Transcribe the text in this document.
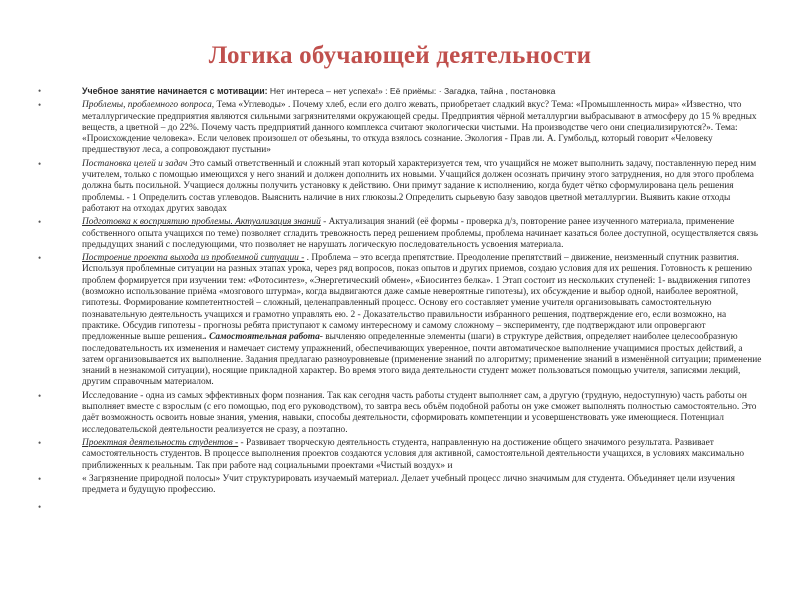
Логика обучающей деятельности
•	Учебное занятие начинается с мотивации: Нет интереса – нет успеха!» : Её приёмы: · Загадка, тайна , постановка
•	Проблемы, проблемного вопроса, Тема «Углеводы» . Почему хлеб, если его долго жевать, приобретает сладкий вкус? Тема: «Промышленность мира» «Известно, что металлургические предприятия являются сильными загрязнителями окружающей среды. Предприятия чёрной металлургии выбрасывают в атмосферу до 15 % вредных веществ, а цветной – до 22%. Почему часть предприятий данного комплекса считают экологически чистыми. На производстве чего они специализируются?». Тема: «Происхождение человека». Если человек произошел от обезьяны, то откуда взялось сознание. Экология - Прав ли. А. Гумбольд, который говорит «Человеку предшествуют леса, а сопровождают пустыни»
•	Постановка целей и задач Это самый ответственный и сложный этап который характеризуется тем, что учащийся не может выполнить задачу, поставленную перед ним учителем, только с помощью имеющихся у него знаний и должен дополнить их новыми. Учащийся должен осознать причину этого затруднения, но для этого проблема должна быть посильной. Учащиеся должны получить установку к действию. Они примут задание к исполнению, когда будет чётко сформулирована цель решения проблемы. - 1 Определить состав углеводов. Выяснить наличие в них глюкозы.2 Определить сырьевую базу заводов цветной металлургии. Выявить какие отходы работают на отходах других заводах
•	Подготовка к восприятию проблемы. Актуализация знаний - Актуализация знаний (её формы - проверка д/з, повторение ранее изученного материала, применение собственного опыта учащихся по теме) позволяет сгладить тревожность перед решением проблемы, проблема начинает казаться более доступной, осуществляется связь предыдущих знаний с последующими, что позволяет не нарушать логическую последовательность усвоения материала.
•	Построение проекта выхода из проблемной ситуации - . Проблема – это всегда препятствие. Преодоление препятствий – движение, неизменный спутник развития. Используя проблемные ситуации на разных этапах урока, через ряд вопросов, показ опытов и других приемов, создаю условия для их решения. Готовность к решению проблем формируется при изучении тем: «Фотосинтез», «Энергетический обмен», «Биосинтез белка». 1 Этап состоит из нескольких ступеней: 1- выдвижения гипотез (возможно использование приёма «мозгового штурма», когда выдвигаются даже самые невероятные гипотезы), их обсуждение и выбор одной, наиболее вероятной, гипотезы. Формирование компетентностей – сложный, целенаправленный процесс. Основу его составляет умение учителя организовывать самостоятельную познавательную деятельность учащихся и грамотно управлять ею. 2 - Доказательство правильности избранного решения, подтверждение его, если возможно, на практике. Обсудив гипотезы - прогнозы ребята приступают к самому интересному и самому сложному – эксперименту, где подтверждают или опровергают предложенные выше решения.. Самостоятельная работа- вычленяю определенные элементы (шаги) в структуре действия, определяет наиболее целесообразную последовательность их изменения и намечает систему упражнений, обеспечивающих уверенное, почти автоматическое выполнение учащимися простых действий, а затем организовывается их выполнение. Задания предлагаю разноуровневые (применение знаний по алгоритму; применение знаний в изменённой ситуации; применение знаний в незнакомой ситуации), носящие прикладной характер. Во время этого вида деятельности студент может пользоваться помощью учителя, записями лекций, другим справочным материалом.
•	Исследование - одна из самых эффективных форм познания. Так как сегодня часть работы студент выполняет сам, а другую (трудную, недоступную) часть работы он выполняет вместе с взрослым (с его помощью, под его руководством), то завтра весь объём подобной работы он уже сможет выполнять полностью самостоятельно. Это даёт возможность освоить новые знания, умения, навыки, способы деятельности, сформировать компетенции и усовершенствовать уже имеющиеся. Потенциал исследовательской деятельности реализуется не сразу, а поэтапно.
•	Проектная деятельность студентов - - Развивает творческую деятельность студента, направленную на достижение общего значимого результата. Развивает самостоятельность студентов. В процессе выполнения проектов создаются условия для активной, самостоятельной деятельности учащихся, в условиях максимально приближенных к реальным. Так при работе над социальными проектами «Чистый воздух» и
•	« Загрязнение природной полосы» Учит структурировать изучаемый материал. Делает учебный процесс лично значимым для студента. Объединяет цели изучения предмета и будущую профессию.
•
